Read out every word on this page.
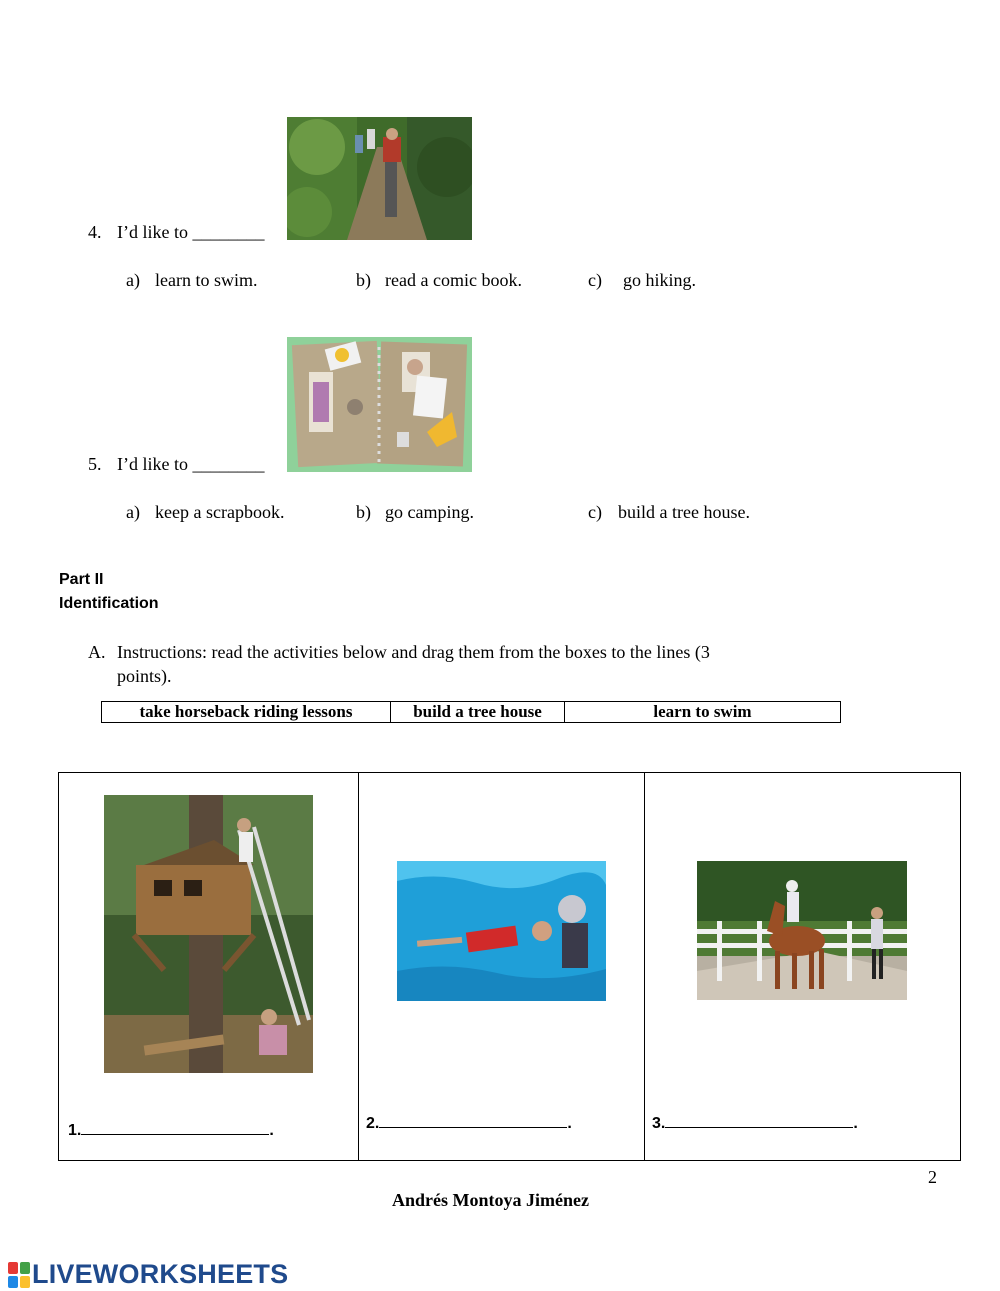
4. I’d like to ________
a) learn to swim.	b) read a comic book.	c) go hiking.
5. I’d like to ________
a) keep a scrapbook.	b) go camping.	c) build a tree house.
Part II
Identification
A. Instructions: read the activities below and drag them from the boxes to the lines (3
points).
take horseback riding lessons	build a tree house	learn to swim
1.	.	2.	.	3.	.
2
Andrés Montoya Jiménez
LIVEWORKSHEETS
